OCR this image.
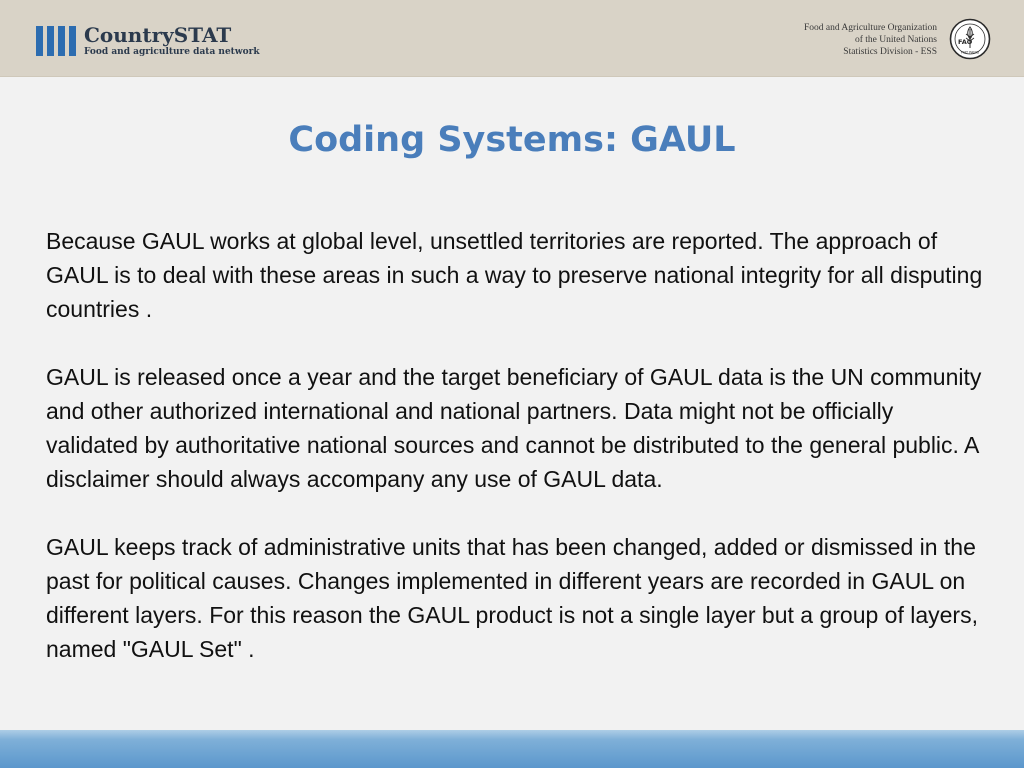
CountrySTAT
Food and agriculture data network
Food and Agriculture Organization
of the United Nations
Statistics Division - ESS
FAO
FIAT PANIS
Coding Systems: GAUL

Because GAUL works at global level, unsettled territories are reported. The approach of GAUL is to deal with these areas in such a way to preserve national integrity for all disputing countries .

GAUL is released once a year and the target beneficiary of GAUL data is the UN community and other authorized international and national partners. Data might not be officially validated by authoritative national sources and cannot be distributed to the general public. A disclaimer should always accompany any use of GAUL data.

GAUL keeps track of administrative units that has been changed, added or dismissed in the past for political causes. Changes implemented in different years are recorded in GAUL on different layers. For this reason the GAUL product is not a single layer but a group of layers, named "GAUL Set" .
